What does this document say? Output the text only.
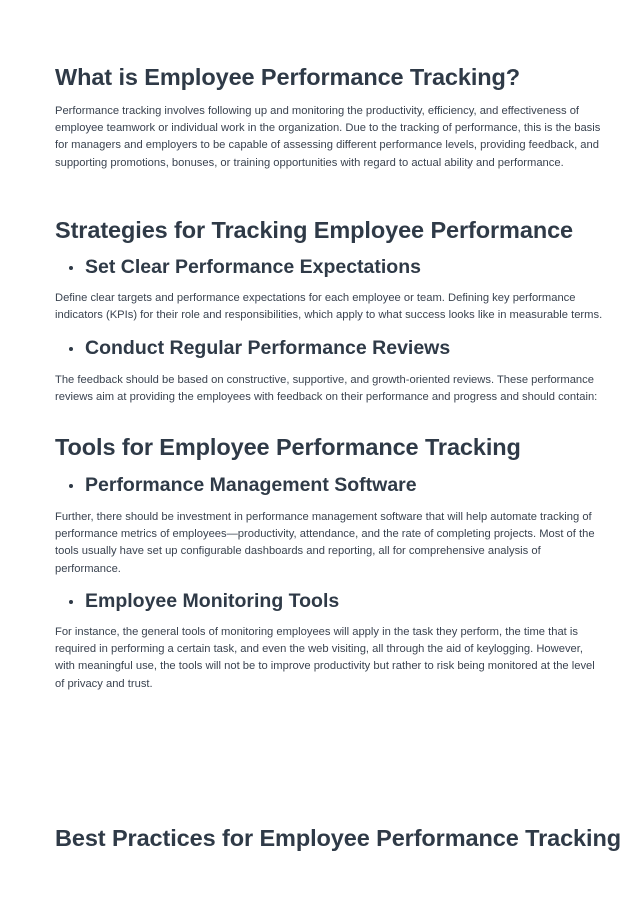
What is Employee Performance Tracking?

Performance tracking involves following up and monitoring the productivity, efficiency, and effectiveness of employee teamwork or individual work in the organization. Due to the tracking of performance, this is the basis for managers and employers to be capable of assessing different performance levels, providing feedback, and supporting promotions, bonuses, or training opportunities with regard to actual ability and performance.

Strategies for Tracking Employee Performance
Set Clear Performance Expectations

Define clear targets and performance expectations for each employee or team. Defining key performance indicators (KPIs) for their role and responsibilities, which apply to what success looks like in measurable terms.

Conduct Regular Performance Reviews

The feedback should be based on constructive, supportive, and growth-oriented reviews. These performance reviews aim at providing the employees with feedback on their performance and progress and should contain:

Tools for Employee Performance Tracking
Performance Management Software

Further, there should be investment in performance management software that will help automate tracking of performance metrics of employees—productivity, attendance, and the rate of completing projects. Most of the tools usually have set up configurable dashboards and reporting, all for comprehensive analysis of performance.

Employee Monitoring Tools

For instance, the general tools of monitoring employees will apply in the task they perform, the time that is required in performing a certain task, and even the web visiting, all through the aid of keylogging. However, with meaningful use, the tools will not be to improve productivity but rather to risk being monitored at the level of privacy and trust.

Best Practices for Employee Performance Tracking
